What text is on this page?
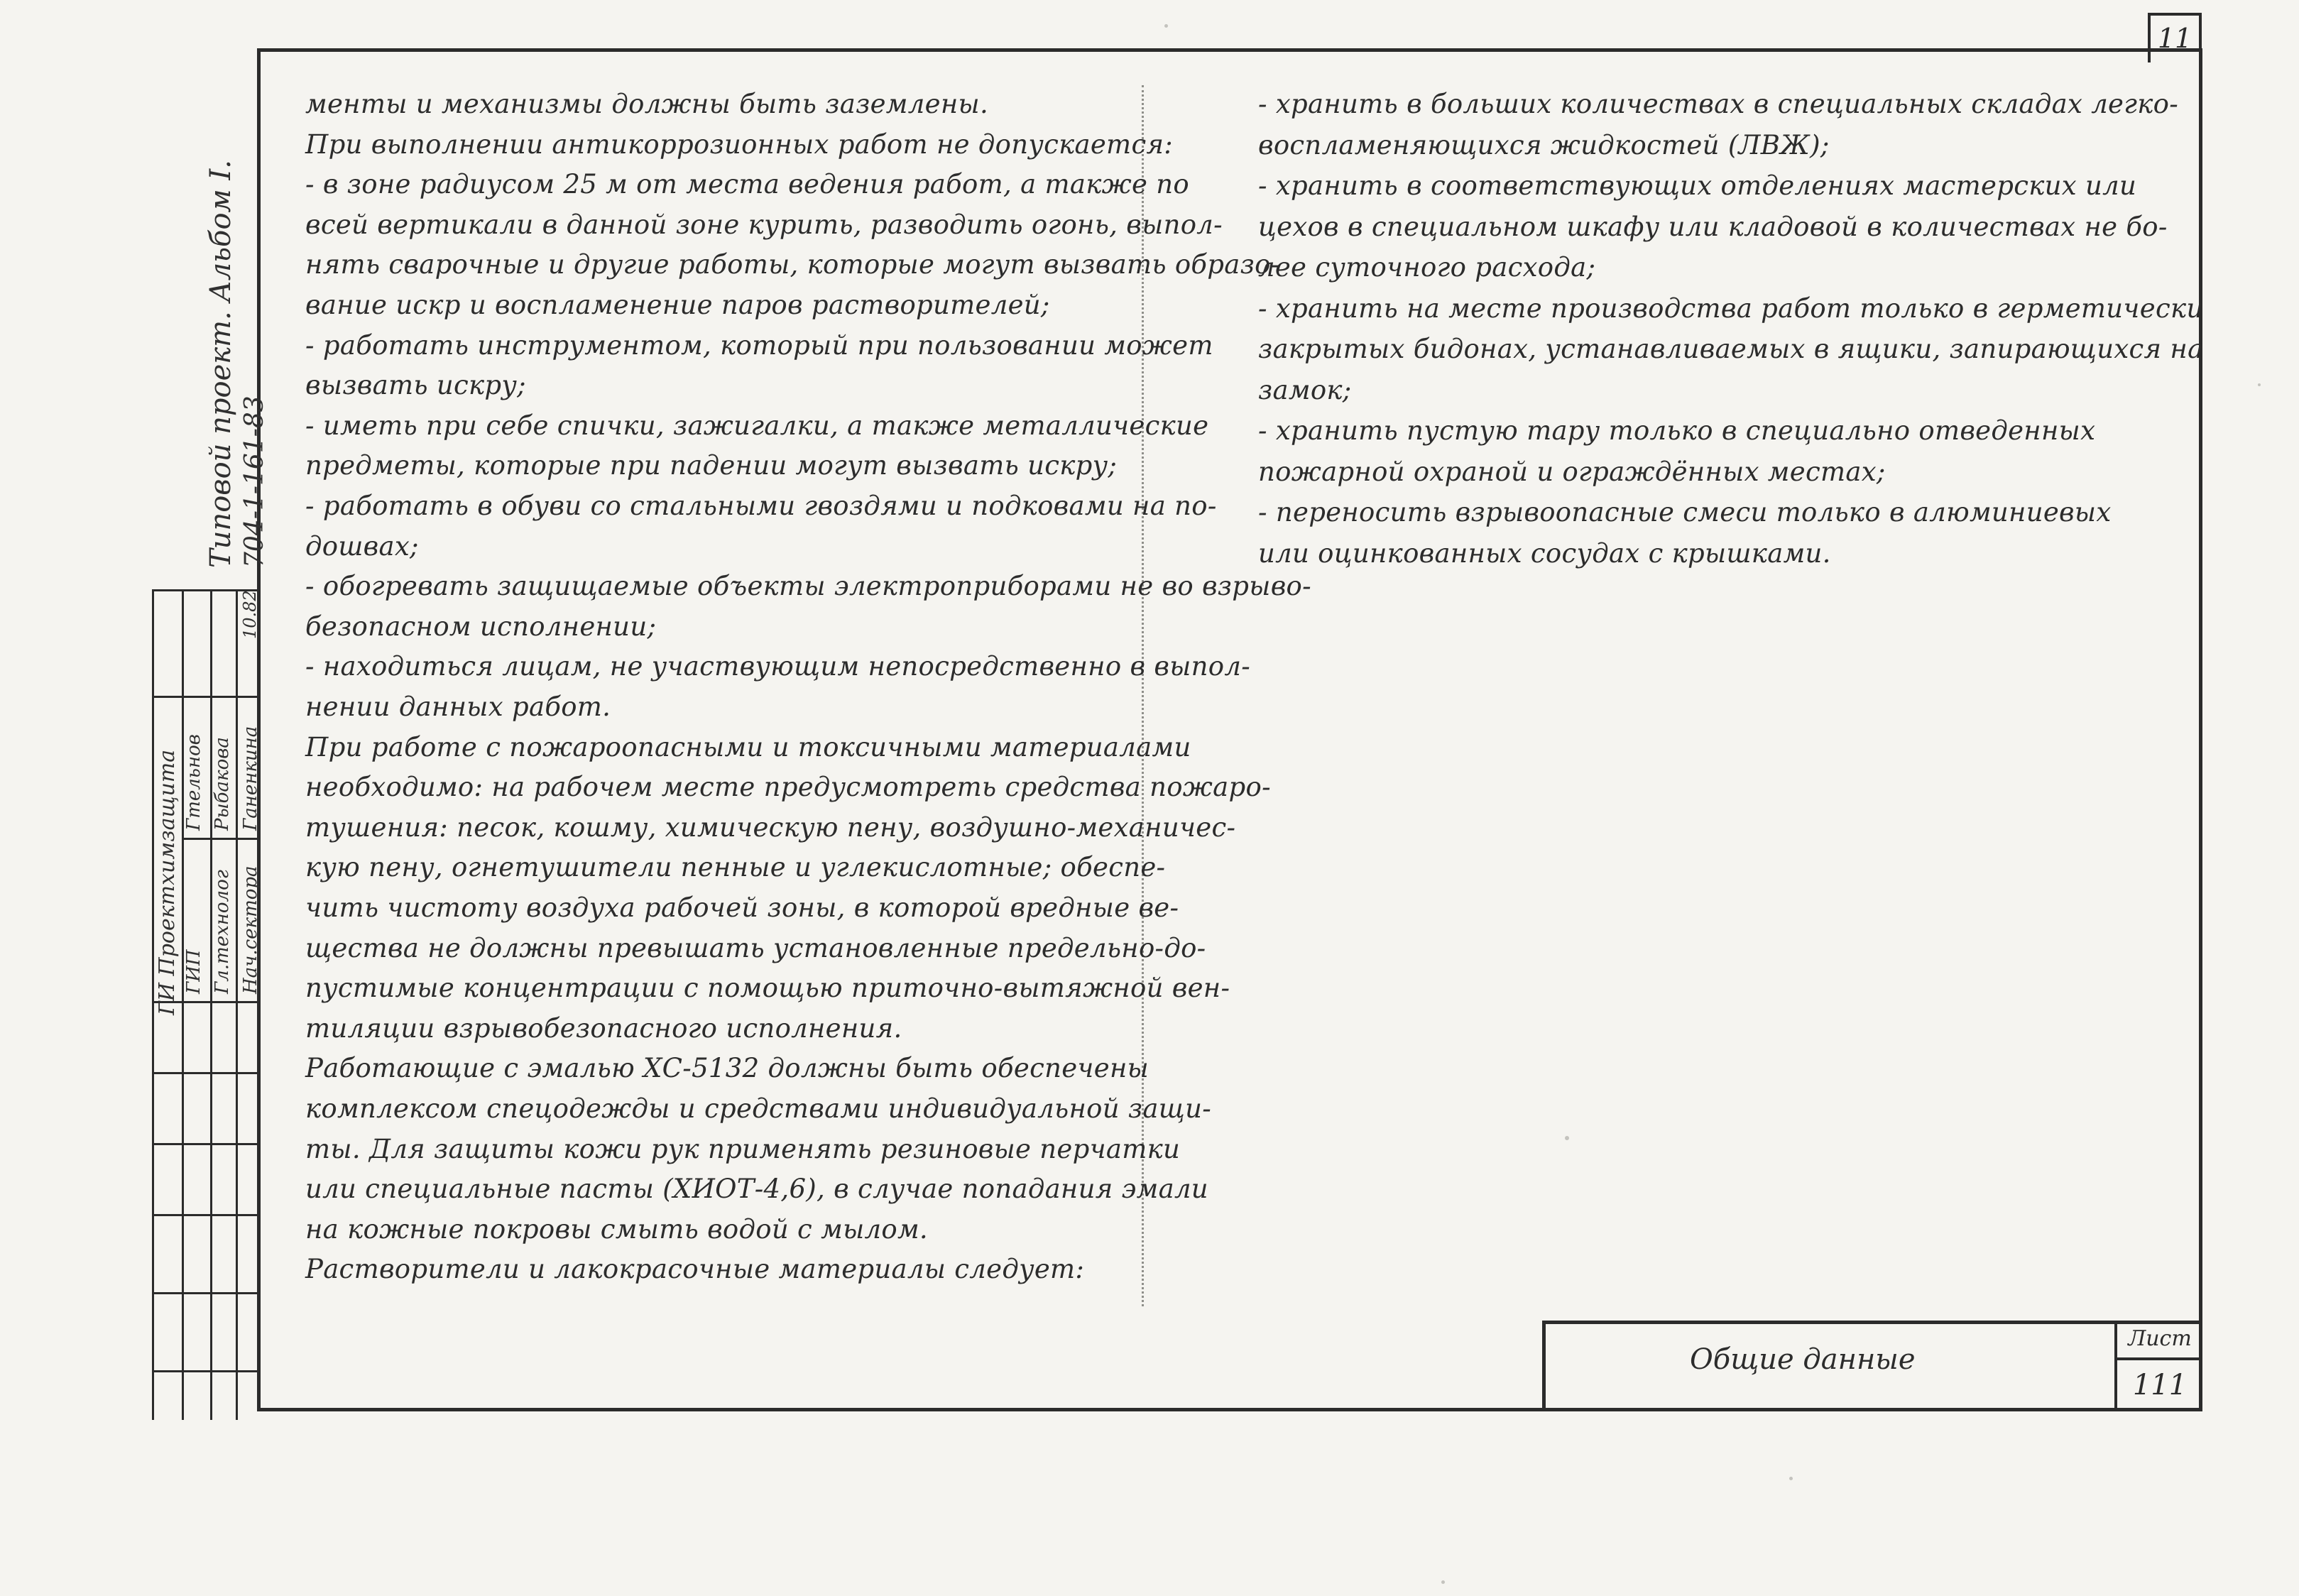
11
Типовой проект. Альбом I. 704-1-161-83
ГИ Проектхимзащита ГИП Гл.технолог Нач.сектора
Гтельнов Рыбакова Ганенкина
10.82
менты и механизмы должны быть заземлены.
При выполнении антикоррозионных работ не допускается:
- в зоне радиусом 25 м от места ведения работ, а также по
всей вертикали в данной зоне курить, разводить огонь, выпол-
нять сварочные и другие работы, которые могут вызвать образо-
вание искр и воспламенение паров растворителей;
- работать инструментом, который при пользовании может
вызвать искру;
- иметь при себе спички, зажигалки, а также металлические
предметы, которые при падении могут вызвать искру;
- работать в обуви со стальными гвоздями и подковами на по-
дошвах;
- обогревать защищаемые объекты электроприборами не во взрыво-
безопасном исполнении;
- находиться лицам, не участвующим непосредственно в выпол-
нении данных работ.
При работе с пожароопасными и токсичными материалами
необходимо: на рабочем месте предусмотреть средства пожаро-
тушения: песок, кошму, химическую пену, воздушно-механичес-
кую пену, огнетушители пенные и углекислотные; обеспе-
чить чистоту воздуха рабочей зоны, в которой вредные ве-
щества не должны превышать установленные предельно-до-
пустимые концентрации с помощью приточно-вытяжной вен-
тиляции взрывобезопасного исполнения.
Работающие с эмалью ХС-5132 должны быть обеспечены
комплексом спецодежды и средствами индивидуальной защи-
ты. Для защиты кожи рук применять резиновые перчатки
или специальные пасты (ХИОТ-4,6), в случае попадания эмали
на кожные покровы смыть водой с мылом.
Растворители и лакокрасочные материалы следует:
- хранить в больших количествах в специальных складах легко-
воспламеняющихся жидкостей (ЛВЖ);
- хранить в соответствующих отделениях мастерских или
цехов в специальном шкафу или кладовой в количествах не бо-
лее суточного расхода;
- хранить на месте производства работ только в герметически
закрытых бидонах, устанавливаемых в ящики, запирающихся на
замок;
- хранить пустую тару только в специально отведенных
пожарной охраной и ограждённых местах;
- переносить взрывоопасные смеси только в алюминиевых
или оцинкованных сосудах с крышками.
Общие данные
Лист
111
